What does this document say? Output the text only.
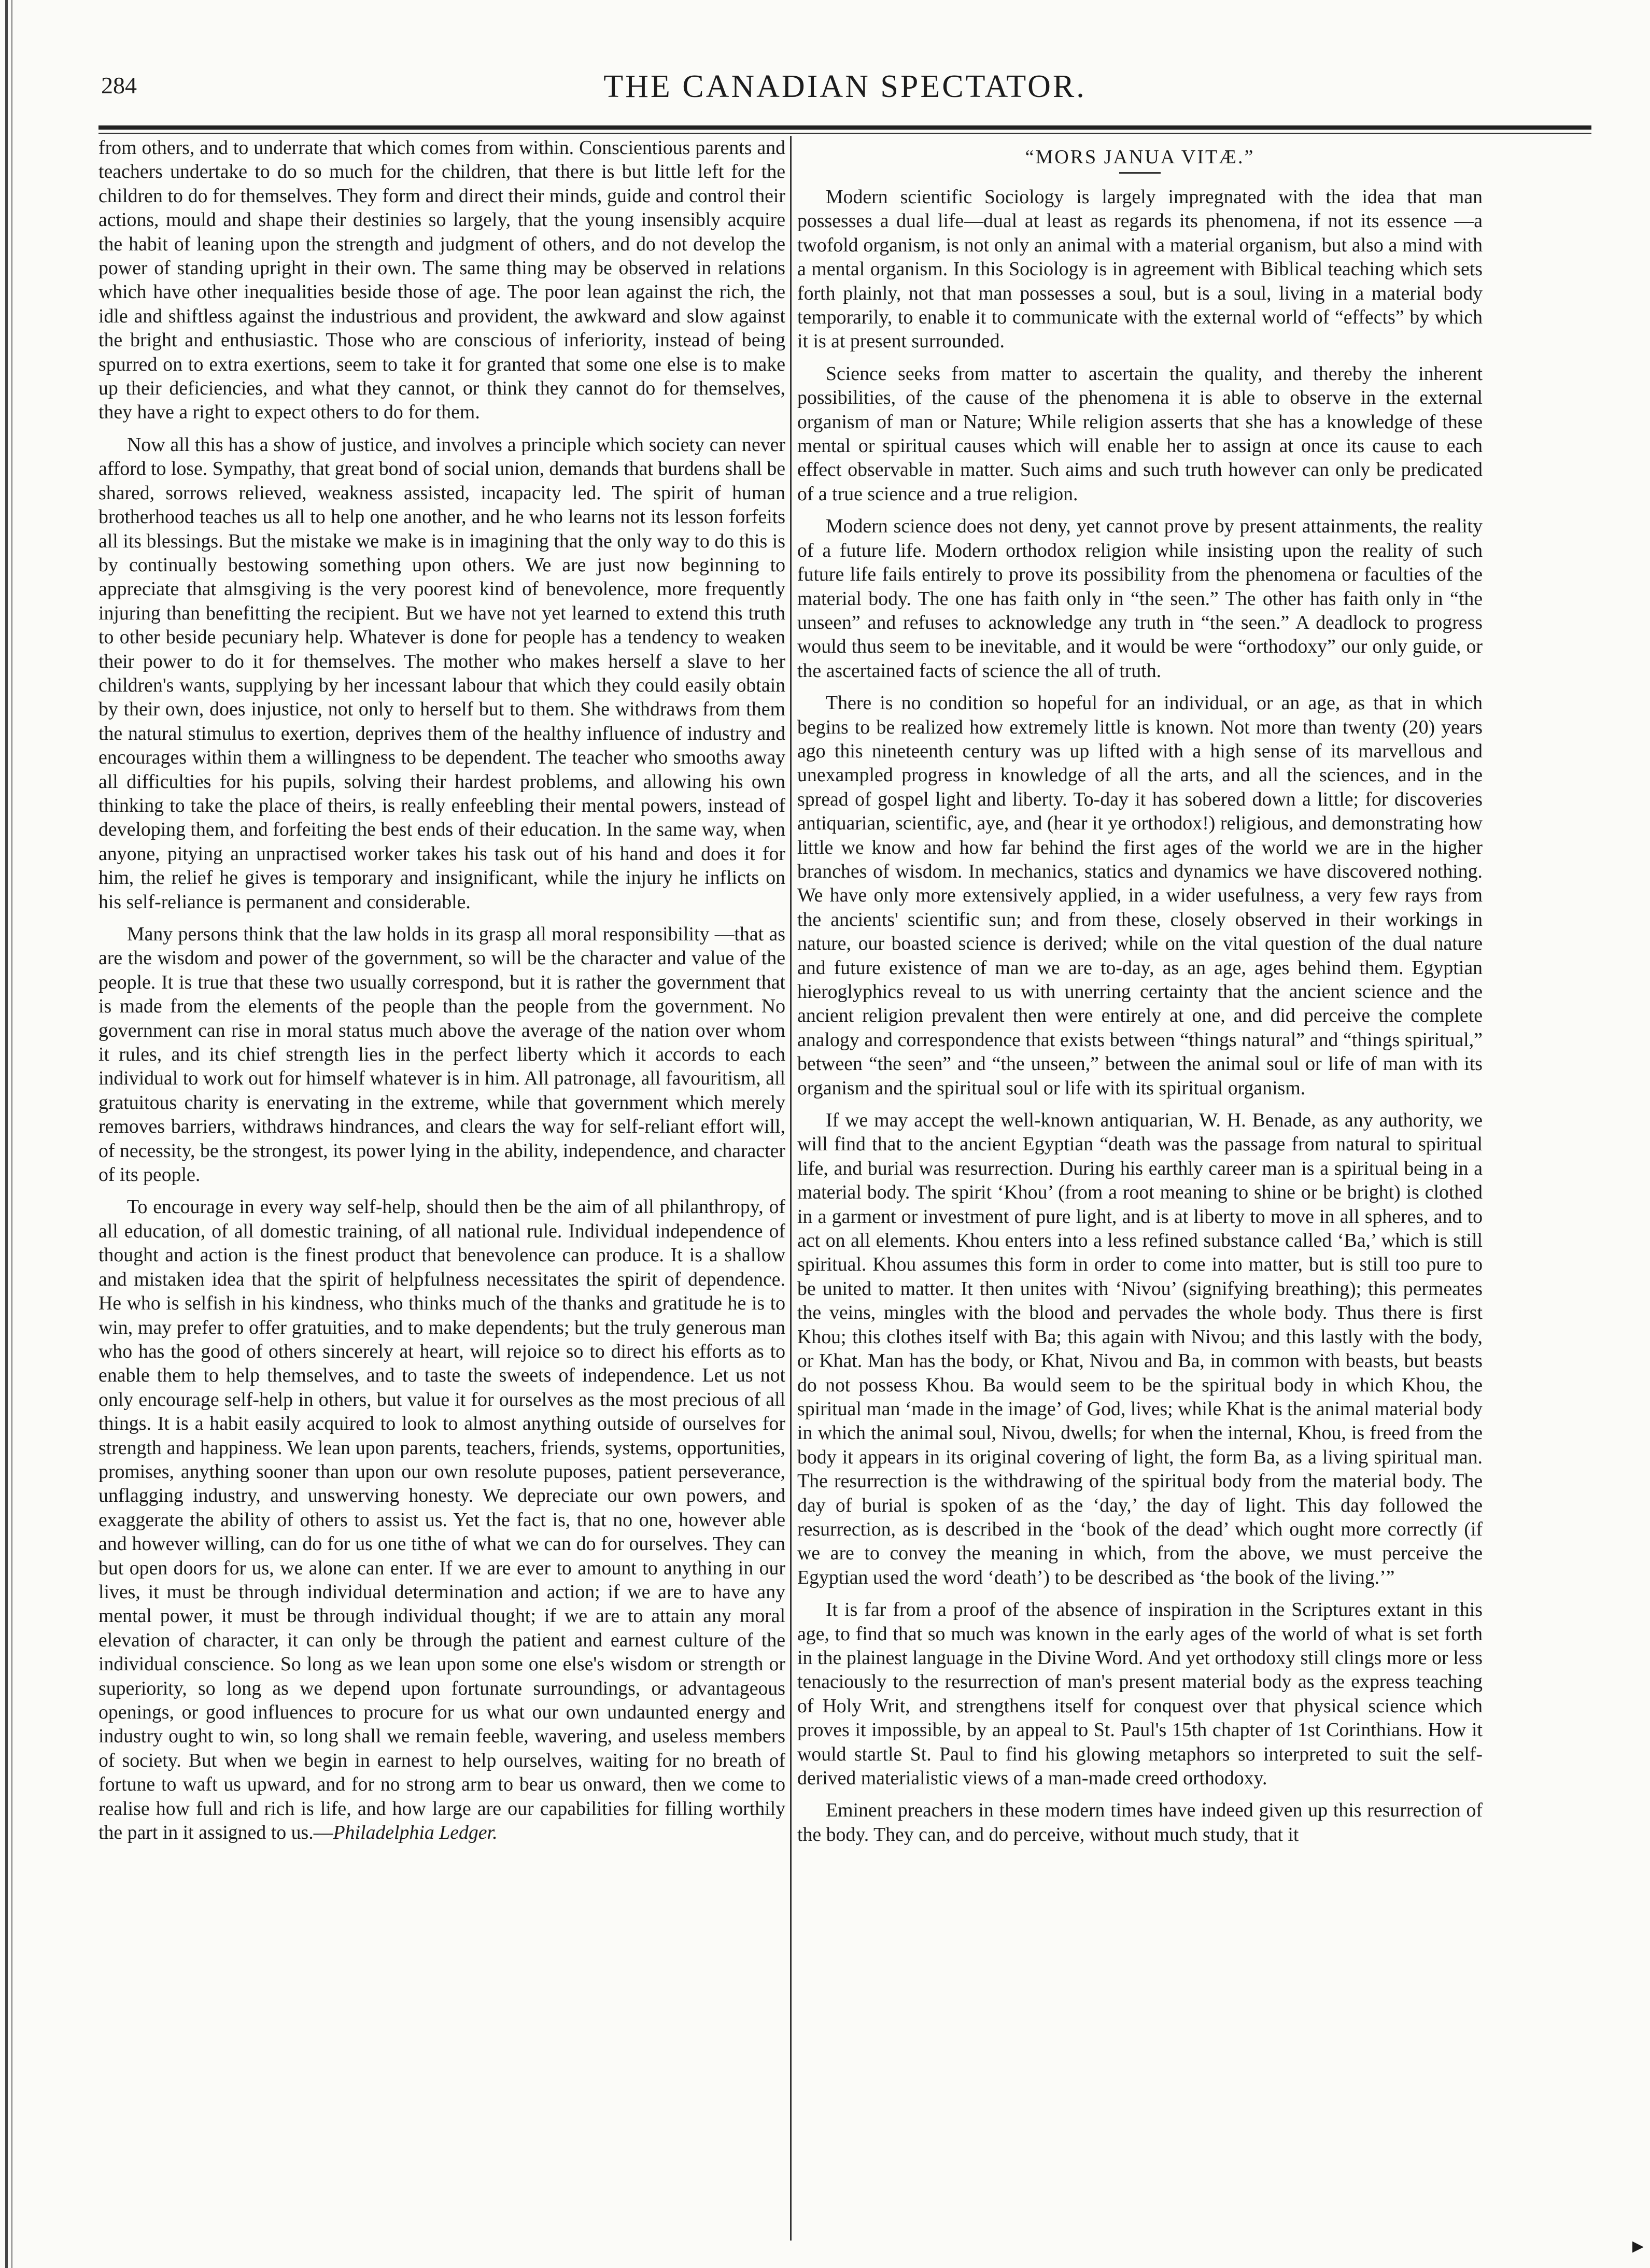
284	THE CANADIAN SPECTATOR.

from others, and to underrate that which comes from within. Conscientious parents and teachers undertake to do so much for the children, that there is but little left for the children to do for themselves. They form and direct their minds, guide and control their actions, mould and shape their destinies so largely, that the young insensibly acquire the habit of leaning upon the strength and judgment of others, and do not develop the power of standing upright in their own. The same thing may be observed in relations which have other inequalities beside those of age. The poor lean against the rich, the idle and shiftless against the industrious and provident, the awkward and slow against the bright and enthusiastic. Those who are conscious of inferiority, instead of being spurred on to extra exertions, seem to take it for granted that some one else is to make up their deficiencies, and what they cannot, or think they cannot do for themselves, they have a right to expect others to do for them.

Now all this has a show of justice, and involves a principle which society can never afford to lose. Sympathy, that great bond of social union, demands that burdens shall be shared, sorrows relieved, weakness assisted, incapacity led. The spirit of human brotherhood teaches us all to help one another, and he who learns not its lesson forfeits all its blessings. But the mistake we make is in imagining that the only way to do this is by continually bestowing something upon others. We are just now beginning to appreciate that almsgiving is the very poorest kind of benevolence, more frequently injuring than benefitting the recipient. But we have not yet learned to extend this truth to other beside pecuniary help. Whatever is done for people has a tendency to weaken their power to do it for themselves. The mother who makes herself a slave to her children's wants, supplying by her incessant labour that which they could easily obtain by their own, does injustice, not only to herself but to them. She withdraws from them the natural stimulus to exertion, deprives them of the healthy influence of industry and encourages within them a willingness to be dependent. The teacher who smooths away all difficulties for his pupils, solving their hardest problems, and allowing his own thinking to take the place of theirs, is really enfeebling their mental powers, instead of developing them, and forfeiting the best ends of their education. In the same way, when anyone, pitying an unpractised worker takes his task out of his hand and does it for him, the relief he gives is temporary and insignificant, while the injury he inflicts on his self-reliance is permanent and considerable.

Many persons think that the law holds in its grasp all moral responsibility —that as are the wisdom and power of the government, so will be the character and value of the people. It is true that these two usually correspond, but it is rather the government that is made from the elements of the people than the people from the government. No government can rise in moral status much above the average of the nation over whom it rules, and its chief strength lies in the perfect liberty which it accords to each individual to work out for himself whatever is in him. All patronage, all favouritism, all gratuitous charity is enervating in the extreme, while that government which merely removes barriers, withdraws hindrances, and clears the way for self-reliant effort will, of necessity, be the strongest, its power lying in the ability, independence, and character of its people.

To encourage in every way self-help, should then be the aim of all philanthropy, of all education, of all domestic training, of all national rule. Individual independence of thought and action is the finest product that benevolence can produce. It is a shallow and mistaken idea that the spirit of helpfulness necessitates the spirit of dependence. He who is selfish in his kindness, who thinks much of the thanks and gratitude he is to win, may prefer to offer gratuities, and to make dependents; but the truly generous man who has the good of others sincerely at heart, will rejoice so to direct his efforts as to enable them to help themselves, and to taste the sweets of independence. Let us not only encourage self-help in others, but value it for ourselves as the most precious of all things. It is a habit easily acquired to look to almost anything outside of ourselves for strength and happiness. We lean upon parents, teachers, friends, systems, opportunities, promises, anything sooner than upon our own resolute puposes, patient perseverance, unflagging industry, and unswerving honesty. We depreciate our own powers, and exaggerate the ability of others to assist us. Yet the fact is, that no one, however able and however willing, can do for us one tithe of what we can do for ourselves. They can but open doors for us, we alone can enter. If we are ever to amount to anything in our lives, it must be through individual determination and action; if we are to have any mental power, it must be through individual thought; if we are to attain any moral elevation of character, it can only be through the patient and earnest culture of the individual conscience. So long as we lean upon some one else's wisdom or strength or superiority, so long as we depend upon fortunate surroundings, or advantageous openings, or good influences to procure for us what our own undaunted energy and industry ought to win, so long shall we remain feeble, wavering, and useless members of society. But when we begin in earnest to help ourselves, waiting for no breath of fortune to waft us upward, and for no strong arm to bear us onward, then we come to realise how full and rich is life, and how large are our capabilities for filling worthily the part in it assigned to us.—Philadelphia Ledger.

“MORS JANUA VITÆ.”

Modern scientific Sociology is largely impregnated with the idea that man possesses a dual life—dual at least as regards its phenomena, if not its essence —a twofold organism, is not only an animal with a material organism, but also a mind with a mental organism. In this Sociology is in agreement with Biblical teaching which sets forth plainly, not that man possesses a soul, but is a soul, living in a material body temporarily, to enable it to communicate with the external world of “effects” by which it is at present surrounded.

Science seeks from matter to ascertain the quality, and thereby the inherent possibilities, of the cause of the phenomena it is able to observe in the external organism of man or Nature; While religion asserts that she has a knowledge of these mental or spiritual causes which will enable her to assign at once its cause to each effect observable in matter. Such aims and such truth however can only be predicated of a true science and a true religion.

Modern science does not deny, yet cannot prove by present attainments, the reality of a future life. Modern orthodox religion while insisting upon the reality of such future life fails entirely to prove its possibility from the phenomena or faculties of the material body. The one has faith only in “the seen.” The other has faith only in “the unseen” and refuses to acknowledge any truth in “the seen.” A deadlock to progress would thus seem to be inevitable, and it would be were “orthodoxy” our only guide, or the ascertained facts of science the all of truth.

There is no condition so hopeful for an individual, or an age, as that in which begins to be realized how extremely little is known. Not more than twenty (20) years ago this nineteenth century was up lifted with a high sense of its marvellous and unexampled progress in knowledge of all the arts, and all the sciences, and in the spread of gospel light and liberty. To-day it has sobered down a little; for discoveries antiquarian, scientific, aye, and (hear it ye orthodox!) religious, and demonstrating how little we know and how far behind the first ages of the world we are in the higher branches of wisdom. In mechanics, statics and dynamics we have discovered nothing. We have only more extensively applied, in a wider usefulness, a very few rays from the ancients' scientific sun; and from these, closely observed in their workings in nature, our boasted science is derived; while on the vital question of the dual nature and future existence of man we are to-day, as an age, ages behind them. Egyptian hieroglyphics reveal to us with unerring certainty that the ancient science and the ancient religion prevalent then were entirely at one, and did perceive the complete analogy and correspondence that exists between “things natural” and “things spiritual,” between “the seen” and “the unseen,” between the animal soul or life of man with its organism and the spiritual soul or life with its spiritual organism.

If we may accept the well-known antiquarian, W. H. Benade, as any authority, we will find that to the ancient Egyptian “death was the passage from natural to spiritual life, and burial was resurrection. During his earthly career man is a spiritual being in a material body. The spirit ‘Khou’ (from a root meaning to shine or be bright) is clothed in a garment or investment of pure light, and is at liberty to move in all spheres, and to act on all elements. Khou enters into a less refined substance called ‘Ba,’ which is still spiritual. Khou assumes this form in order to come into matter, but is still too pure to be united to matter. It then unites with ‘Nivou’ (signifying breathing); this permeates the veins, mingles with the blood and pervades the whole body. Thus there is first Khou; this clothes itself with Ba; this again with Nivou; and this lastly with the body, or Khat. Man has the body, or Khat, Nivou and Ba, in common with beasts, but beasts do not possess Khou. Ba would seem to be the spiritual body in which Khou, the spiritual man ‘made in the image’ of God, lives; while Khat is the animal material body in which the animal soul, Nivou, dwells; for when the internal, Khou, is freed from the body it appears in its original covering of light, the form Ba, as a living spiritual man. The resurrection is the withdrawing of the spiritual body from the material body. The day of burial is spoken of as the ‘day,’ the day of light. This day followed the resurrection, as is described in the ‘book of the dead’ which ought more correctly (if we are to convey the meaning in which, from the above, we must perceive the Egyptian used the word ‘death’) to be described as ‘the book of the living.’”

It is far from a proof of the absence of inspiration in the Scriptures extant in this age, to find that so much was known in the early ages of the world of what is set forth in the plainest language in the Divine Word. And yet orthodoxy still clings more or less tenaciously to the resurrection of man's present material body as the express teaching of Holy Writ, and strengthens itself for conquest over that physical science which proves it impossible, by an appeal to St. Paul's 15th chapter of 1st Corinthians. How it would startle St. Paul to find his glowing metaphors so interpreted to suit the self-derived materialistic views of a man-made creed orthodoxy.

Eminent preachers in these modern times have indeed given up this resurrection of the body. They can, and do perceive, without much study, that it

▸
